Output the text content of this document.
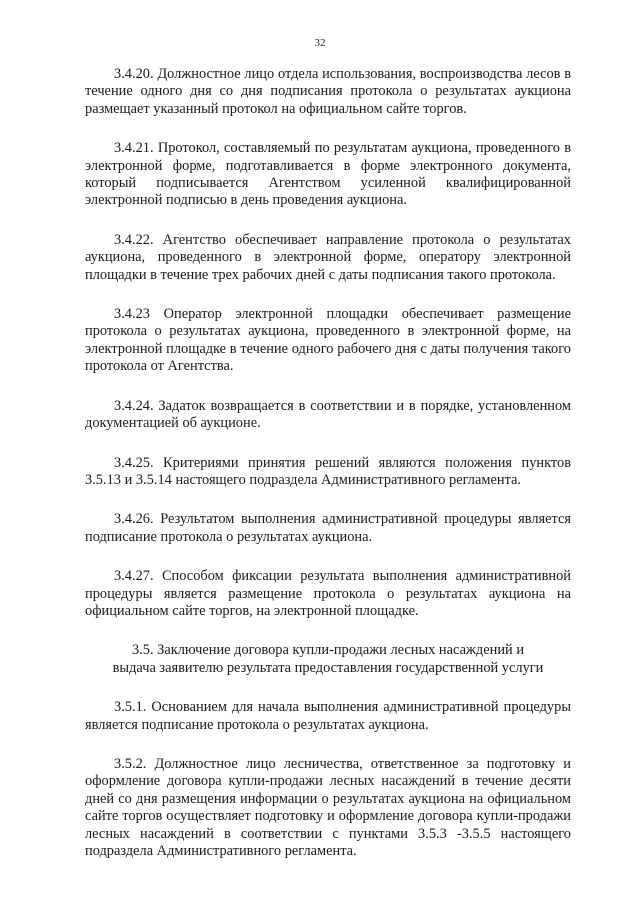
32

3.4.20. Должностное лицо отдела использования, воспроизводства лесов в течение одного дня со дня подписания протокола о результатах аукциона размещает указанный протокол на официальном сайте торгов.

3.4.21. Протокол, составляемый по результатам аукциона, проведенного в электронной форме, подготавливается в форме электронного документа, который подписывается Агентством усиленной квалифицированной электронной подписью в день проведения аукциона.

3.4.22. Агентство обеспечивает направление протокола о результатах аукциона, проведенного в электронной форме, оператору электронной площадки в течение трех рабочих дней с даты подписания такого протокола.

3.4.23 Оператор электронной площадки обеспечивает размещение протокола о результатах аукциона, проведенного в электронной форме, на электронной площадке в течение одного рабочего дня с даты получения такого протокола от Агентства.

3.4.24. Задаток возвращается в соответствии и в порядке, установленном документацией об аукционе.

3.4.25. Критериями принятия решений являются положения пунктов 3.5.13 и 3.5.14 настоящего подраздела Административного регламента.

3.4.26. Результатом выполнения административной процедуры является подписание протокола о результатах аукциона.

3.4.27. Способом фиксации результата выполнения административной процедуры является размещение протокола о результатах аукциона на официальном сайте торгов, на электронной площадке.

3.5. Заключение договора купли-продажи лесных насаждений и
выдача заявителю результата предоставления государственной услуги

3.5.1. Основанием для начала выполнения административной процедуры является подписание протокола о результатах аукциона.

3.5.2. Должностное лицо лесничества, ответственное за подготовку и оформление договора купли-продажи лесных насаждений в течение десяти дней со дня размещения информации о результатах аукциона на официальном сайте торгов осуществляет подготовку и оформление договора купли-продажи лесных насаждений в соответствии с пунктами 3.5.3 -3.5.5 настоящего подраздела Административного регламента.
